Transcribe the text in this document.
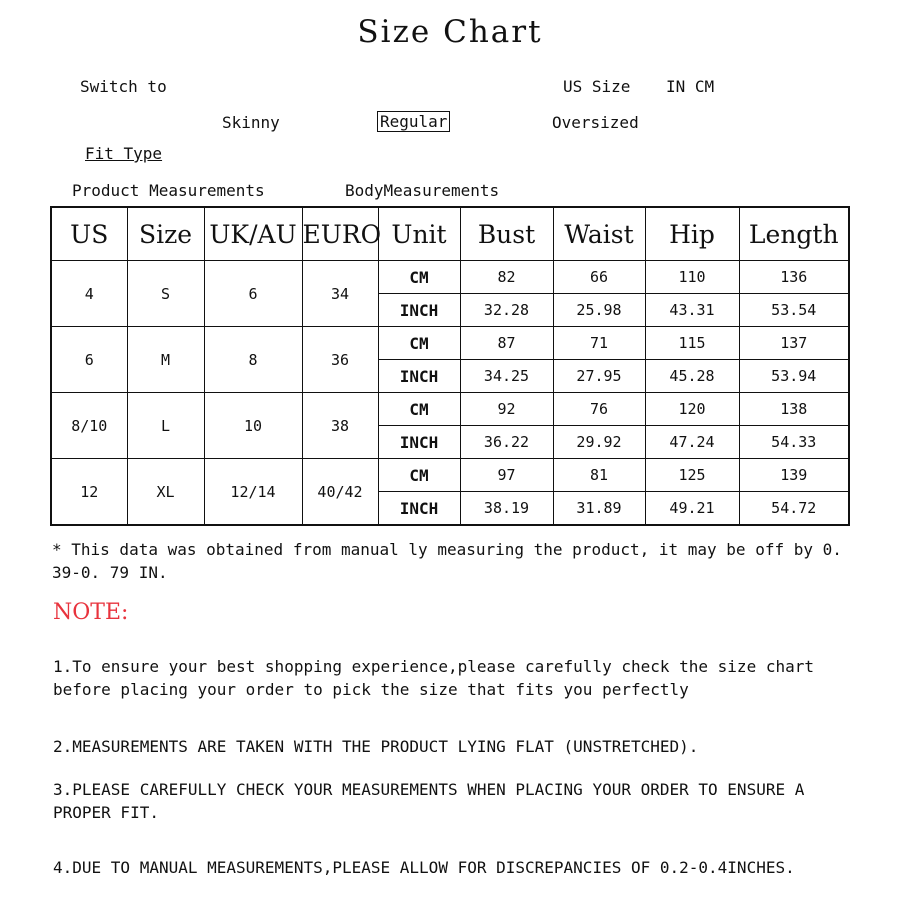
Size Chart
Switch to	US Size IN CM
Skinny	Regular	Oversized
Fit Type
Product Measurements	BodyMeasurements
US	Size	UK/AU	EURO	Unit	Bust	Waist	Hip	Length
4	S	6	34	CM	82	66	110	136
				INCH	32.28	25.98	43.31	53.54
6	M	8	36	CM	87	71	115	137
				INCH	34.25	27.95	45.28	53.94
8/10	L	10	38	CM	92	76	120	138
				INCH	36.22	29.92	47.24	54.33
12	XL	12/14	40/42	CM	97	81	125	139
				INCH	38.19	31.89	49.21	54.72
* This data was obtained from manual ly measuring the product, it may be off by 0. 39-0. 79 IN.
NOTE:
1.To ensure your best shopping experience,please carefully check the size chart before placing your order to pick the size that fits you perfectly
2.MEASUREMENTS ARE TAKEN WITH THE PRODUCT LYING FLAT (UNSTRETCHED).
3.PLEASE CAREFULLY CHECK YOUR MEASUREMENTS WHEN PLACING YOUR ORDER TO ENSURE A PROPER FIT.
4.DUE TO MANUAL MEASUREMENTS,PLEASE ALLOW FOR DISCREPANCIES OF 0.2-0.4INCHES.
